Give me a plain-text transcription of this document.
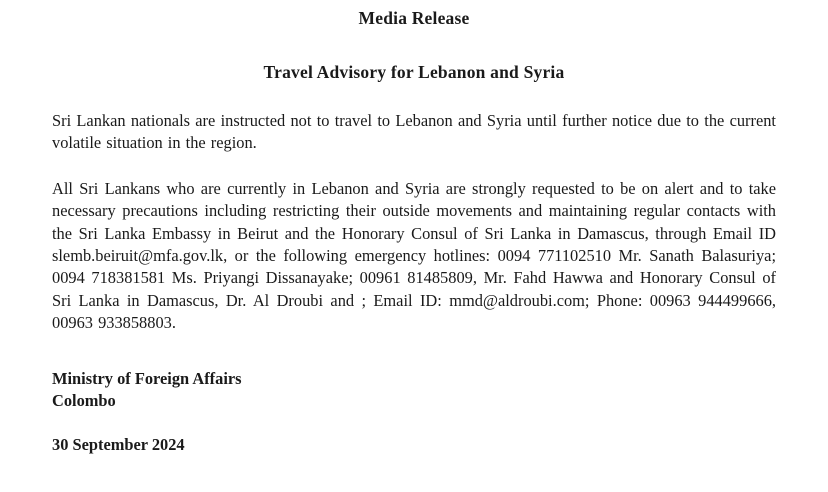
Media Release
Travel Advisory for Lebanon and Syria

Sri Lankan nationals are instructed not to travel to Lebanon and Syria until further notice due to the current volatile situation in the region.

All Sri Lankans who are currently in Lebanon and Syria are strongly requested to be on alert and to take necessary precautions including restricting their outside movements and maintaining regular contacts with the Sri Lanka Embassy in Beirut and the Honorary Consul of Sri Lanka in Damascus, through Email ID slemb.beiruit@mfa.gov.lk, or the following emergency hotlines: 0094 771102510 Mr. Sanath Balasuriya; 0094 718381581 Ms. Priyangi Dissanayake; 00961 81485809, Mr. Fahd Hawwa and Honorary Consul of Sri Lanka in Damascus, Dr. Al Droubi and ; Email ID: mmd@aldroubi.com; Phone: 00963 944499666, 00963 933858803.

Ministry of Foreign Affairs

Colombo

30 September 2024
